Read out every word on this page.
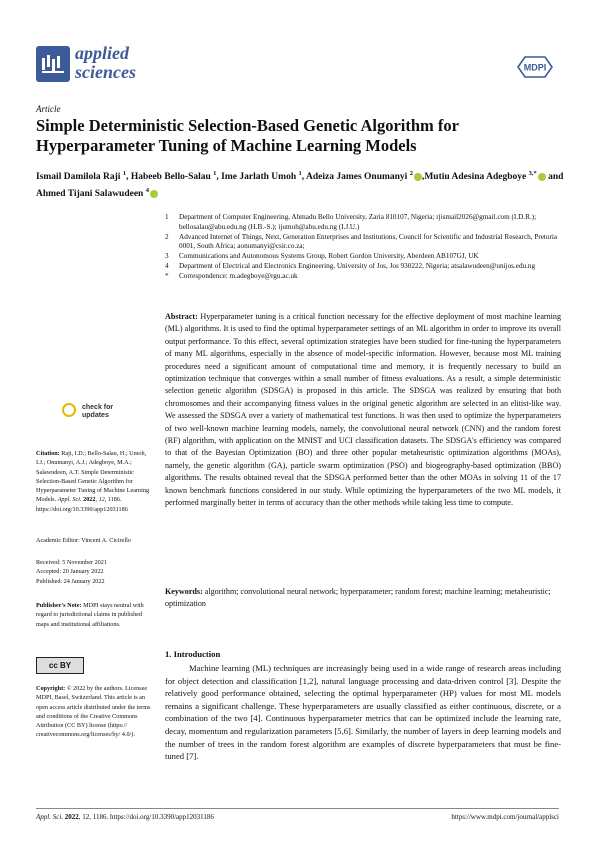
applied
sciences	MDPI
Article
Simple Deterministic Selection-Based Genetic Algorithm for Hyperparameter Tuning of Machine Learning Models
Ismail Damilola Raji $^1$, Habeeb Bello-Salau $^1$, Ime Jarlath Umoh $^1$, Adeiza James Onumanyi $^2$ ,Mutiu Adesina Adegboye $^{3,*}$ and Ahmed Tijani Salawudeen $^4$
1	Department of Computer Engineering, Ahmadu Bello University, Zaria 810107, Nigeria; rjismail2026@gmail.com (I.D.R.); bellosalau@abu.edu.ng (H.B.-S.); ijumoh@abu.edu.ng (I.J.U.)
2	Advanced Internet of Things, Next, Generation Enterprises and Institutions, Council for Scientific and Industrial Research, Pretoria 0001, South Africa; aonumanyi@csir.co.za;
3	Communications and Autonomous Systems Group, Robert Gordon University, Aberdeen AB107GJ, UK
4	Department of Electrical and Electronics Engineering, University of Jos, Jos 930222, Nigeria; atsalawudeen@unijos.edu.ng
*	Correspondence: m.adegboye@rgu.ac.uk
Abstract: Hyperparameter tuning is a critical function necessary for the effective deployment of most machine learning (ML) algorithms. It is used to find the optimal hyperparameter settings of an ML algorithm in order to improve its overall output performance. To this effect, several optimization strategies have been studied for fine-tuning the hyperparameters of many ML algorithms, especially in the absence of model-specific information. However, because most ML training procedures need a significant amount of computational time and memory, it is frequently necessary to build an optimization technique that converges within a small number of fitness evaluations. As a result, a simple deterministic selection genetic algorithm (SDSGA) is proposed in this article. The SDSGA was realized by ensuring that both chromosomes and their accompanying fitness values in the original genetic algorithm are selected in an elitist-like way. We assessed the SDSGA over a variety of mathematical test functions. It was then used to optimize the hyperparameters of two well-known machine learning models, namely, the convolutional neural network (CNN) and the random forest (RF) algorithm, with application on the MNIST and UCI classification datasets. The SDSGA's efficiency was compared to that of the Bayesian Optimization (BO) and three other popular metaheuristic optimization algorithms (MOAs), namely, the genetic algorithm (GA), particle swarm optimization (PSO) and biogeography-based optimization (BBO) algorithms. The results obtained reveal that the SDSGA performed better than the other MOAs in solving 11 of the 17 known benchmark functions considered in our study. While optimizing the hyperparameters of the two ML models, it performed marginally better in terms of accuracy than the other methods while taking less time to compute.
Keywords: algorithm; convolutional neural network; hyperparameter; random forest; machine learning; metaheuristic; optimization
check for
updates
Citation: Raji, I.D.; Bello-Salau, H.; Umoh, I.J.; Onumanyi, A.J.; Adegboye, M.A.; Salawudeen, A.T. Simple Deterministic Selection-Based Genetic Algorithm for Hyperparameter Tuning of Machine Learning Models. Appl. Sci. 2022, 12, 1186. https://doi.org/10.3390/app12031186
Academic Editor: Vincent A. Cicirello
Received: 5 November 2021
Accepted: 20 January 2022
Published: 24 January 2022
Publisher's Note: MDPI stays neutral with regard to jurisdictional claims in published maps and institutional affiliations.
cc BY
Copyright: © 2022 by the authors. Licensee MDPI, Basel, Switzerland. This article is an open access article distributed under the terms and conditions of the Creative Commons Attribution (CC BY) license (https:// creativecommons.org/licenses/by/ 4.0/).
1. Introduction
Machine learning (ML) techniques are increasingly being used in a wide range of research areas including for object detection and classification [1,2], natural language processing and data-driven control [3]. Despite the relatively good performance obtained, selecting the optimal hyperparameter (HP) values for most ML models remains a significant challenge. These hyperparameters are usually classified as either continuous, discrete, or a combination of the two [4]. Continuous hyperparameter metrics that can be optimized include the learning rate, decay, momentum and regularization parameters [5,6]. Similarly, the number of layers in deep learning models and the number of trees in the random forest algorithm are examples of discrete hyperparameters that must be fine-tuned [7].
Appl. Sci. 2022, 12, 1186. https://doi.org/10.3390/app12031186	https://www.mdpi.com/journal/applsci
